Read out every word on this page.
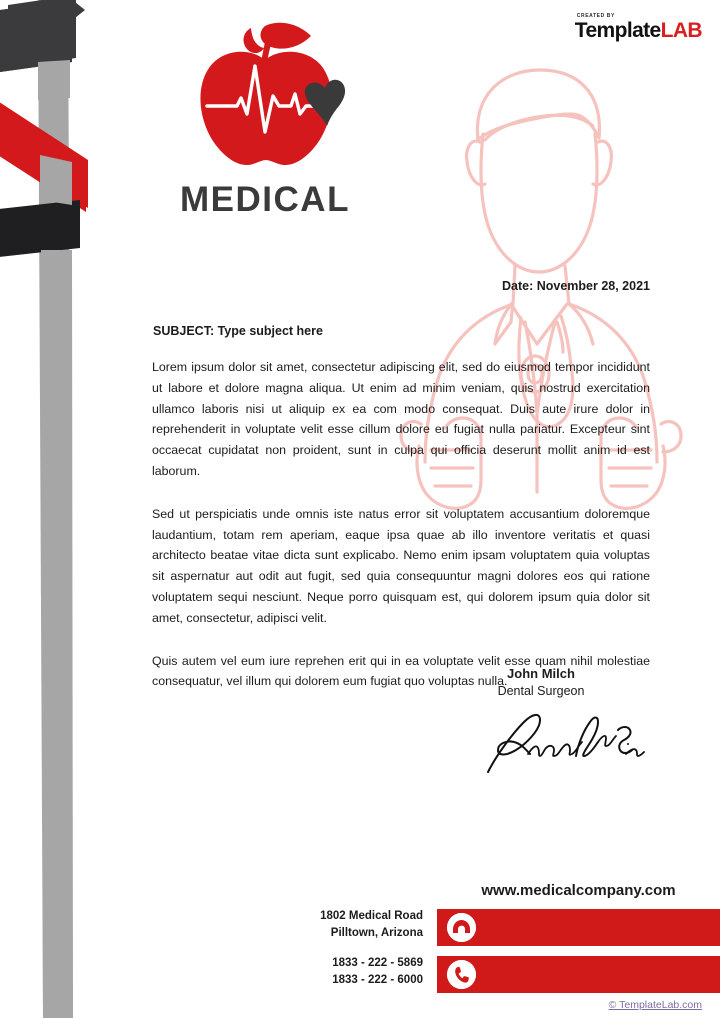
MEDICAL
CREATED BY
TemplateLAB
Date: November 28, 2021
SUBJECT: Type subject here

Lorem ipsum dolor sit amet, consectetur adipiscing elit, sed do eiusmod tempor incididunt ut labore et dolore magna aliqua. Ut enim ad minim veniam, quis nostrud exercitation ullamco laboris nisi ut aliquip ex ea com modo consequat. Duis aute irure dolor in reprehenderit in voluptate velit esse cillum dolore eu fugiat nulla pariatur. Excepteur sint occaecat cupidatat non proident, sunt in culpa qui officia deserunt mollit anim id est laborum.

Sed ut perspiciatis unde omnis iste natus error sit voluptatem accusantium doloremque laudantium, totam rem aperiam, eaque ipsa quae ab illo inventore veritatis et quasi architecto beatae vitae dicta sunt explicabo. Nemo enim ipsam voluptatem quia voluptas sit aspernatur aut odit aut fugit, sed quia consequuntur magni dolores eos qui ratione voluptatem sequi nesciunt. Neque porro quisquam est, qui dolorem ipsum quia dolor sit amet, consectetur, adipisci velit.

Quis autem vel eum iure reprehen erit qui in ea voluptate velit esse quam nihil molestiae consequatur, vel illum qui dolorem eum fugiat quo voluptas nulla.

John Milch
Dental Surgeon
www.medicalcompany.com
1802 Medical Road
Pilltown, Arizona
1833 - 222 - 5869
1833 - 222 - 6000
© TemplateLab.com
